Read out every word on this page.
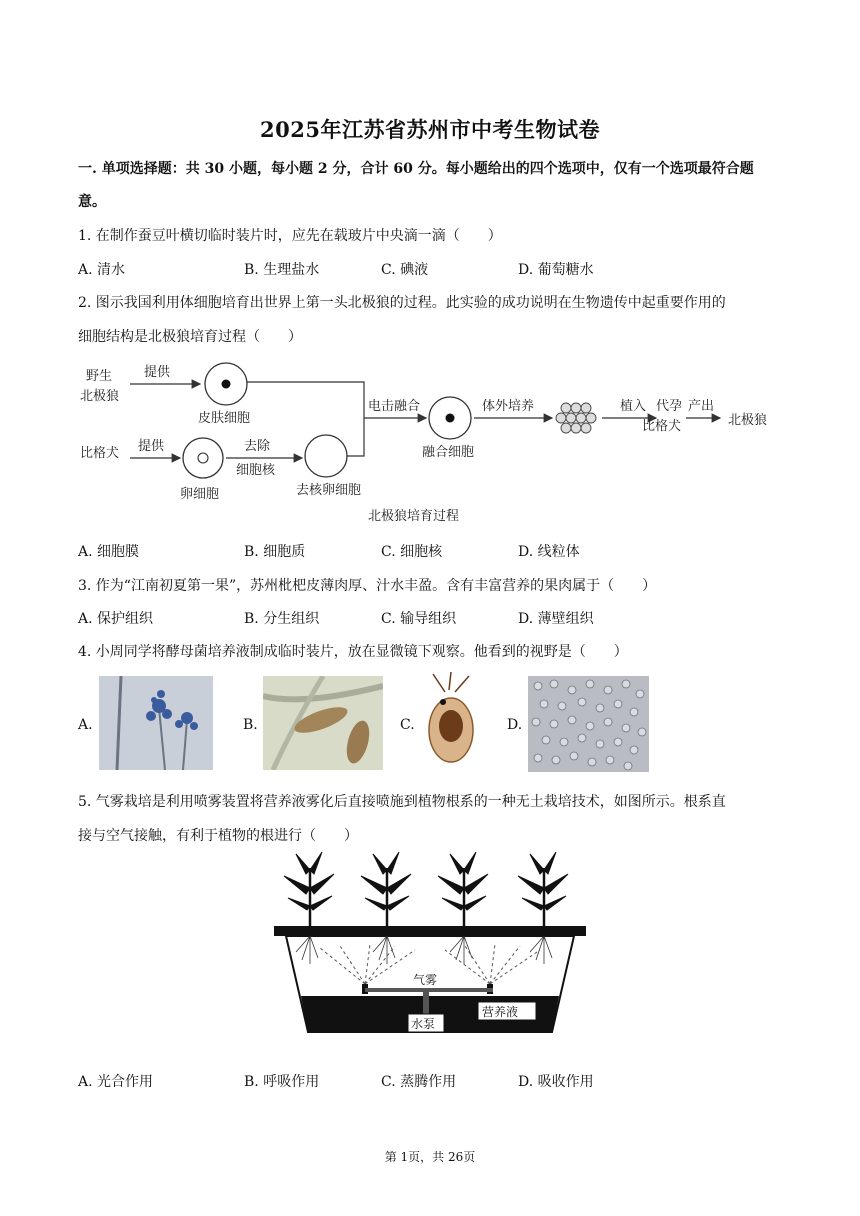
2025年江苏省苏州市中考生物试卷
一. 单项选择题：共 30 小题，每小题 2 分，合计 60 分。每小题给出的四个选项中，仅有一个选项最符合题
意。
1. 在制作蚕豆叶横切临时装片时，应先在载玻片中央滴一滴（　　）
A. 清水	B. 生理盐水	C. 碘液	D. 葡萄糖水
2. 图示我国利用体细胞培育出世界上第一头北极狼的过程。此实验的成功说明在生物遗传中起重要作用的
细胞结构是北极狼培育过程（　　）
野生
北极狼
提供
皮肤细胞
比格犬 提供
卵细胞
去除
细胞核
去核卵细胞
电击融合
融合细胞
体外培养	植入 代孕
比格犬
产出
北极狼
北极狼培育过程
A. 细胞膜	B. 细胞质	C. 细胞核	D. 线粒体
3. 作为“江南初夏第一果”，苏州枇杷皮薄肉厚、汁水丰盈。含有丰富营养的果肉属于（　　）
A. 保护组织	B. 分生组织	C. 输导组织	D. 薄壁组织
4. 小周同学将酵母菌培养液制成临时装片，放在显微镜下观察。他看到的视野是（　　）
A.	B.	C.	D.
5. 气雾栽培是利用喷雾装置将营养液雾化后直接喷施到植物根系的一种无土栽培技术，如图所示。根系直
接与空气接触，有利于植物的根进行（　　）
气雾
营养液
水泵
A. 光合作用	B. 呼吸作用	C. 蒸腾作用	D. 吸收作用
第 1页，共 26页
